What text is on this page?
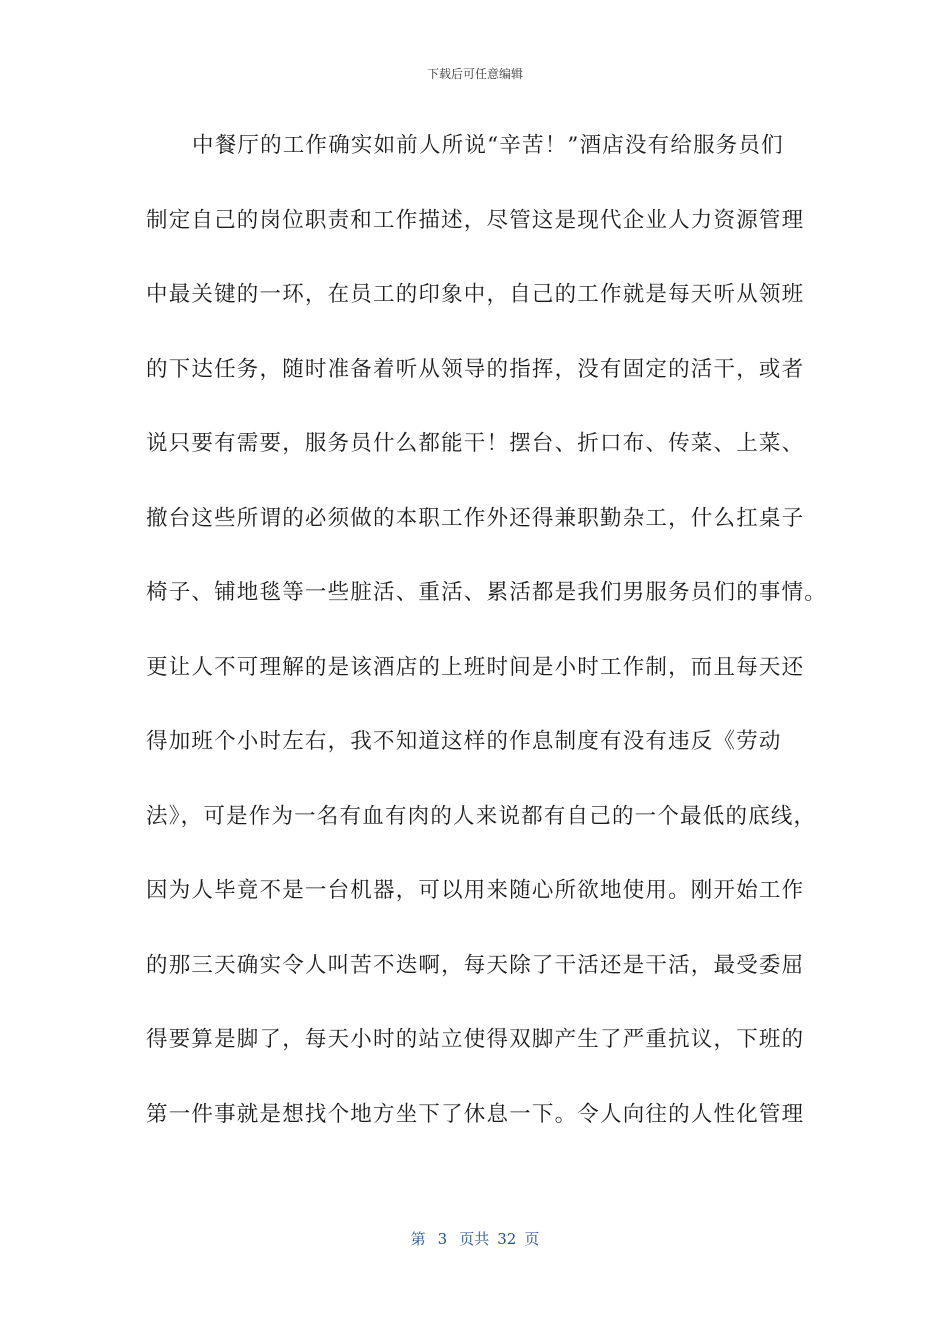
下载后可任意编辑
中餐厅的工作确实如前人所说“辛苦！”酒店没有给服务员们
制定自己的岗位职责和工作描述，尽管这是现代企业人力资源管理
中最关键的一环，在员工的印象中，自己的工作就是每天听从领班
的下达任务，随时准备着听从领导的指挥，没有固定的活干，或者
说只要有需要，服务员什么都能干！摆台、折口布、传菜、上菜、
撤台这些所谓的必须做的本职工作外还得兼职勤杂工，什么扛桌子
椅子、铺地毯等一些脏活、重活、累活都是我们男服务员们的事情。
更让人不可理解的是该酒店的上班时间是小时工作制，而且每天还
得加班个小时左右，我不知道这样的作息制度有没有违反《劳动
法》，可是作为一名有血有肉的人来说都有自己的一个最低的底线，
因为人毕竟不是一台机器，可以用来随心所欲地使用。刚开始工作
的那三天确实令人叫苦不迭啊，每天除了干活还是干活，最受委屈
得要算是脚了，每天小时的站立使得双脚产生了严重抗议，下班的
第一件事就是想找个地方坐下了休息一下。令人向往的人性化管理
第 3 页共 32 页
